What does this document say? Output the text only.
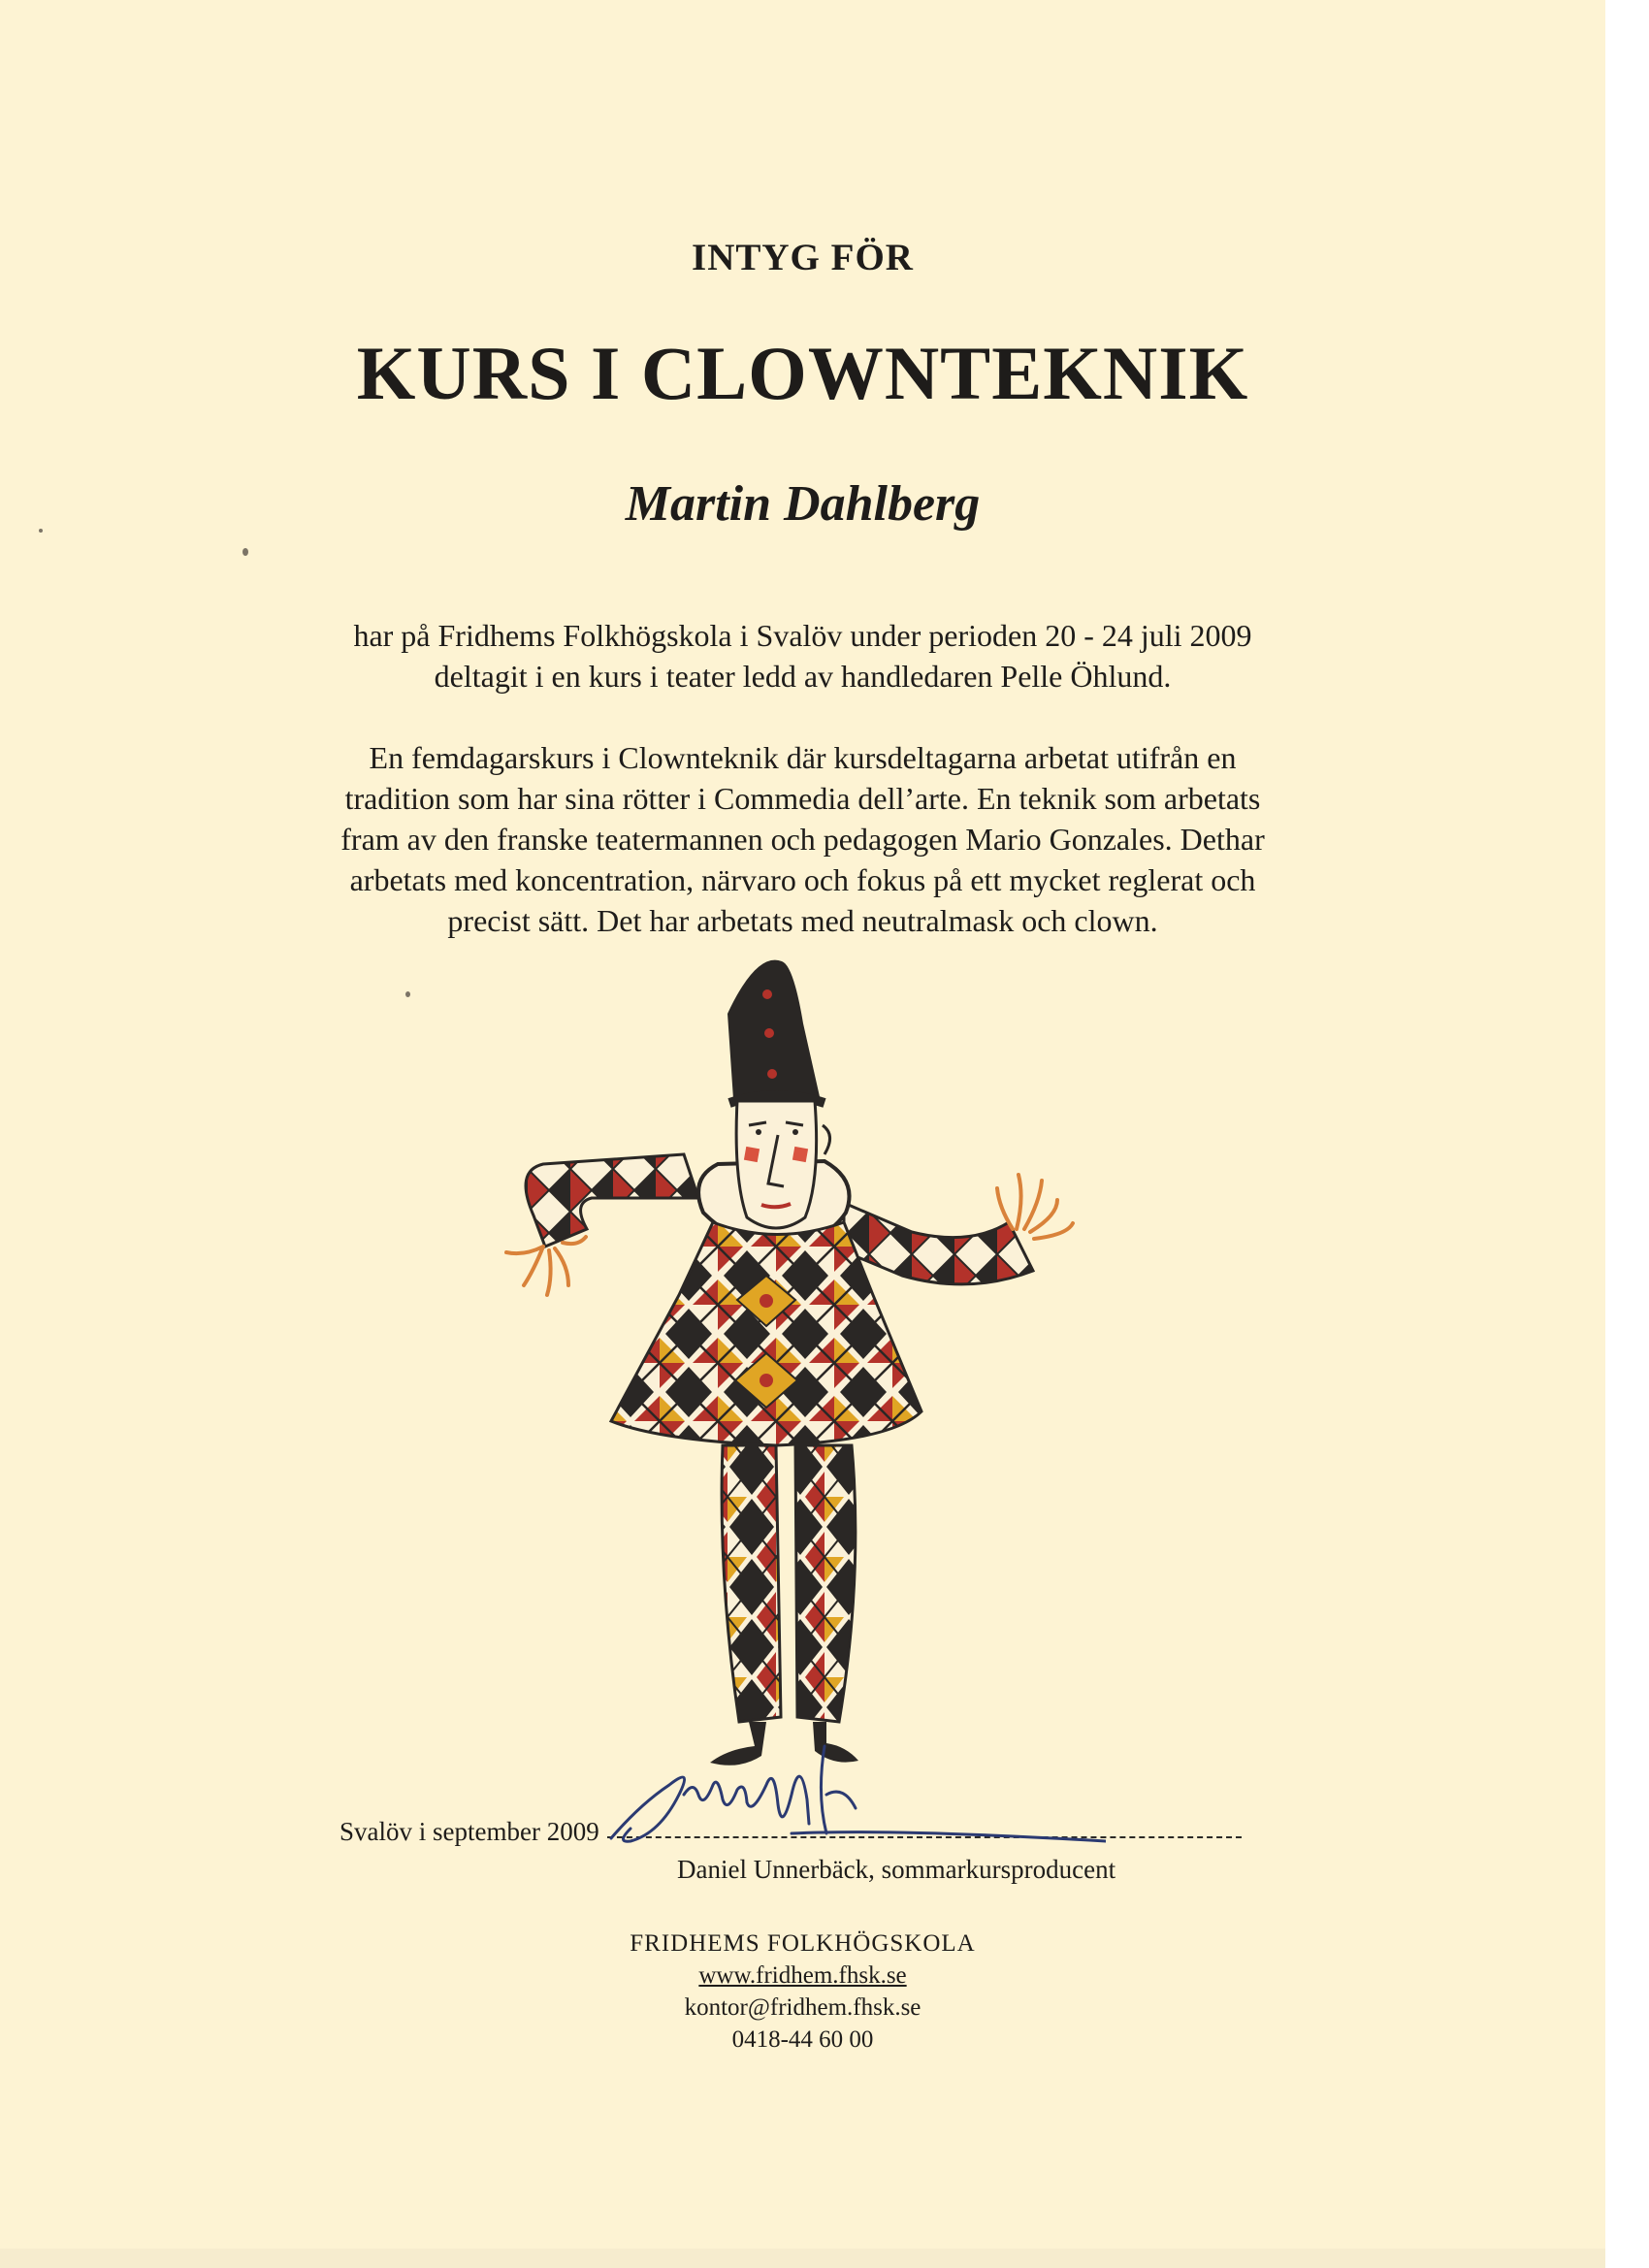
INTYG FÖR
KURS I CLOWNTEKNIK
Martin Dahlberg
har på Fridhems Folkhögskola i Svalöv under perioden 20 - 24 juli 2009
deltagit i en kurs i teater ledd av handledaren Pelle Öhlund.
En femdagarskurs i Clownteknik där kursdeltagarna arbetat utifrån en
tradition som har sina rötter i Commedia dell’arte. En teknik som arbetats
fram av den franske teatermannen och pedagogen Mario Gonzales. Dethar
arbetats med koncentration, närvaro och fokus på ett mycket reglerat och
precist sätt. Det har arbetats med neutralmask och clown.
Svalöv i september 2009
Daniel Unnerbäck, sommarkursproducent
FRIDHEMS FOLKHÖGSKOLA
www.fridhem.fhsk.se
kontor@fridhem.fhsk.se
0418-44 60 00
